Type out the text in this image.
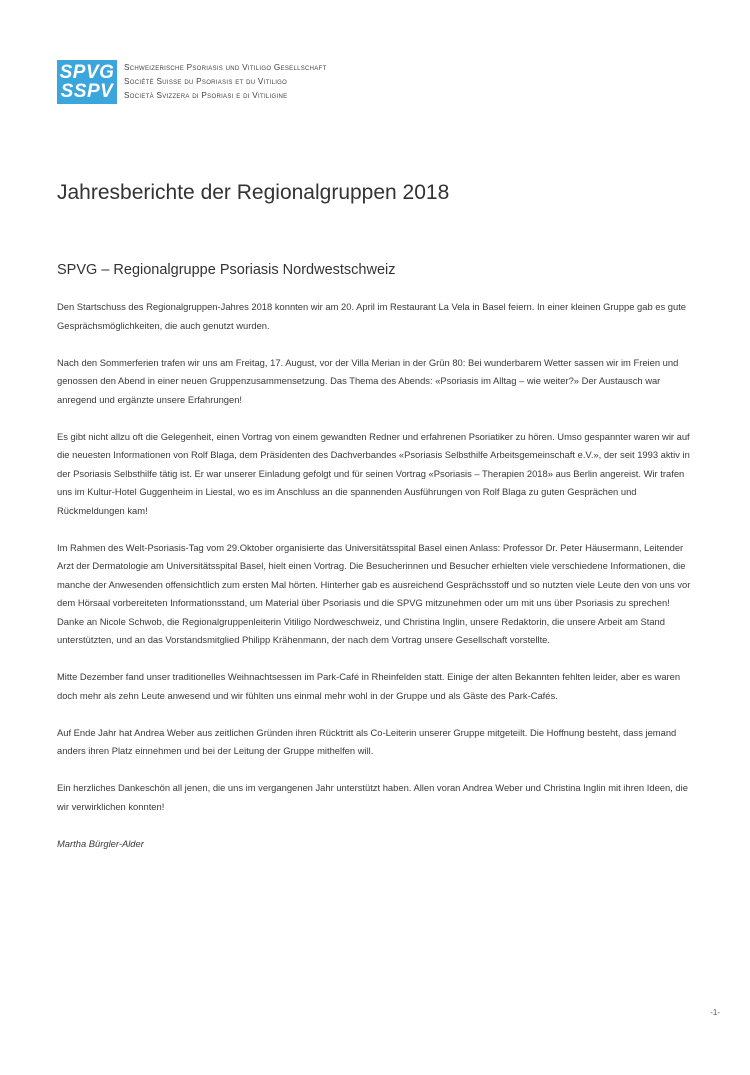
SPVG
SSPV
Schweizerische Psoriasis und Vitiligo Gesellschaft
Société Suisse du Psoriasis et du Vitiligo
Società Svizzera di Psoriasi e di Vitiligine
Jahresberichte der Regionalgruppen 2018
SPVG – Regionalgruppe Psoriasis Nordwestschweiz

Den Startschuss des Regionalgruppen-Jahres 2018 konnten wir am 20. April im Restaurant La Vela in Basel feiern. In einer kleinen Gruppe gab es gute Gesprächsmöglichkeiten, die auch genutzt wurden.

Nach den Sommerferien trafen wir uns am Freitag, 17. August, vor der Villa Merian in der Grün 80: Bei wunderbarem Wetter sassen wir im Freien und genossen den Abend in einer neuen Gruppenzusammensetzung. Das Thema des Abends: «Psoriasis im Alltag – wie weiter?» Der Austausch war anregend und ergänzte unsere Erfahrungen!

Es gibt nicht allzu oft die Gelegenheit, einen Vortrag von einem gewandten Redner und erfahrenen Psoriatiker zu hören. Umso gespannter waren wir auf die neuesten Informationen von Rolf Blaga, dem Präsidenten des Dachverbandes «Psoriasis Selbsthilfe Arbeitsgemeinschaft e.V.», der seit 1993 aktiv in der Psoriasis Selbsthilfe tätig ist. Er war unserer Einladung gefolgt und für seinen Vortrag «Psoriasis – Therapien 2018» aus Berlin angereist. Wir trafen uns im Kultur-Hotel Guggenheim in Liestal, wo es im Anschluss an die spannenden Ausführungen von Rolf Blaga zu guten Gesprächen und Rückmeldungen kam!

Im Rahmen des Welt-Psoriasis-Tag vom 29.Oktober organisierte das Universitätsspital Basel einen Anlass: Professor Dr. Peter Häusermann, Leitender Arzt der Dermatologie am Universitätsspital Basel, hielt einen Vortrag. Die Besucherinnen und Besucher erhielten viele verschiedene Informationen, die manche der Anwesenden offensichtlich zum ersten Mal hörten. Hinterher gab es ausreichend Gesprächsstoff und so nutzten viele Leute den von uns vor dem Hörsaal vorbereiteten Informationsstand, um Material über Psoriasis und die SPVG mitzunehmen oder um mit uns über Psoriasis zu sprechen! Danke an Nicole Schwob, die Regionalgruppenleiterin Vitiligo Nordweschweiz, und Christina Inglin, unsere Redaktorin, die unsere Arbeit am Stand unterstützten, und an das Vorstandsmitglied Philipp Krähenmann, der nach dem Vortrag unsere Gesellschaft vorstellte.

Mitte Dezember fand unser traditionelles Weihnachtsessen im Park-Café in Rheinfelden statt. Einige der alten Bekannten fehlten leider, aber es waren doch mehr als zehn Leute anwesend und wir fühlten uns einmal mehr wohl in der Gruppe und als Gäste des Park-Cafés.

Auf Ende Jahr hat Andrea Weber aus zeitlichen Gründen ihren Rücktritt als Co-Leiterin unserer Gruppe mitgeteilt. Die Hoffnung besteht, dass jemand anders ihren Platz einnehmen und bei der Leitung der Gruppe mithelfen will.

Ein herzliches Dankeschön all jenen, die uns im vergangenen Jahr unterstützt haben. Allen voran Andrea Weber und Christina Inglin mit ihren Ideen, die wir verwirklichen konnten!

Martha Bürgler-Alder

-1-
